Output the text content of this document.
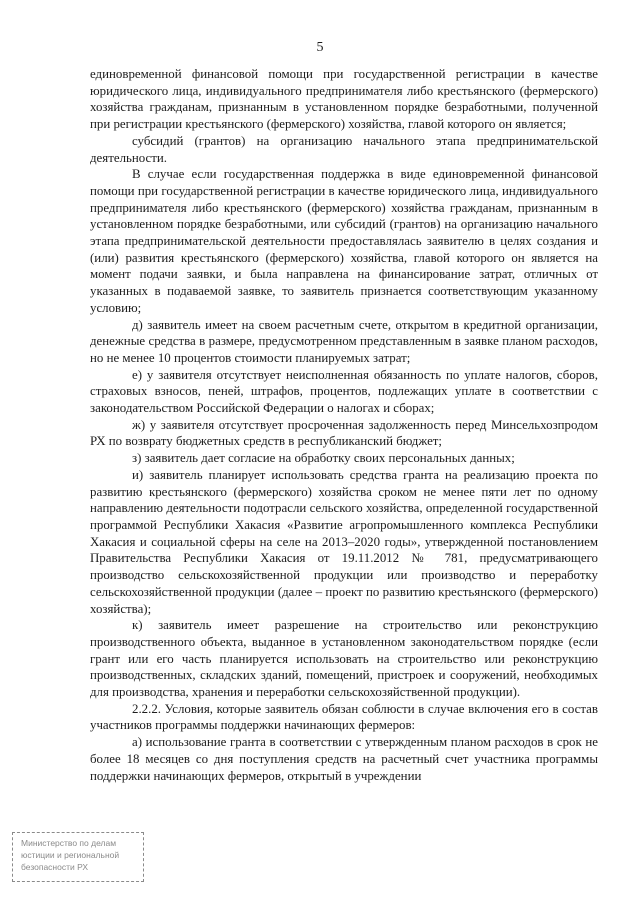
5

единовременной финансовой помощи при государственной регистрации в качестве юридического лица, индивидуального предпринимателя либо крестьянского (фермерского) хозяйства гражданам, признанным в установленном порядке безработными, полученной при регистрации крестьянского (фермерского) хозяйства, главой которого он является;

субсидий (грантов) на организацию начального этапа предпринимательской деятельности.

В случае если государственная поддержка в виде единовременной финансовой помощи при государственной регистрации в качестве юридического лица, индивидуального предпринимателя либо крестьянского (фермерского) хозяйства гражданам, признанным в установленном порядке безработными, или субсидий (грантов) на организацию начального этапа предпринимательской деятельности предоставлялась заявителю в целях создания и (или) развития крестьянского (фермерского) хозяйства, главой которого он является на момент подачи заявки, и была направлена на финансирование затрат, отличных от указанных в подаваемой заявке, то заявитель признается соответствующим указанному условию;

д) заявитель имеет на своем расчетным счете, открытом в кредитной организации, денежные средства в размере, предусмотренном представленным в заявке планом расходов, но не менее 10 процентов стоимости планируемых затрат;

е) у заявителя отсутствует неисполненная обязанность по уплате налогов, сборов, страховых взносов, пеней, штрафов, процентов, подлежащих уплате в соответствии с законодательством Российской Федерации о налогах и сборах;

ж) у заявителя отсутствует просроченная задолженность перед Минсельхозпродом РХ по возврату бюджетных средств в республиканский бюджет;

з) заявитель дает согласие на обработку своих персональных данных;

и) заявитель планирует использовать средства гранта на реализацию проекта по развитию крестьянского (фермерского) хозяйства сроком не менее пяти лет по одному направлению деятельности подотрасли сельского хозяйства, определенной государственной программой Республики Хакасия «Развитие агропромышленного комплекса Республики Хакасия и социальной сферы на селе на 2013–2020 годы», утвержденной постановлением Правительства Республики Хакасия от 19.11.2012 № 781, предусматривающего производство сельскохозяйственной продукции или производство и переработку сельскохозяйственной продукции (далее – проект по развитию крестьянского (фермерского) хозяйства);

к) заявитель имеет разрешение на строительство или реконструкцию производственного объекта, выданное в установленном законодательством порядке (если грант или его часть планируется использовать на строительство или реконструкцию производственных, складских зданий, помещений, пристроек и сооружений, необходимых для производства, хранения и переработки сельскохозяйственной продукции).

2.2.2. Условия, которые заявитель обязан соблюсти в случае включения его в состав участников программы поддержки начинающих фермеров:

а) использование гранта в соответствии с утвержденным планом расходов в срок не более 18 месяцев со дня поступления средств на расчетный счет участника программы поддержки начинающих фермеров, открытый в учреждении

Министерство по делам
юстиции и региональной
безопасности РХ
